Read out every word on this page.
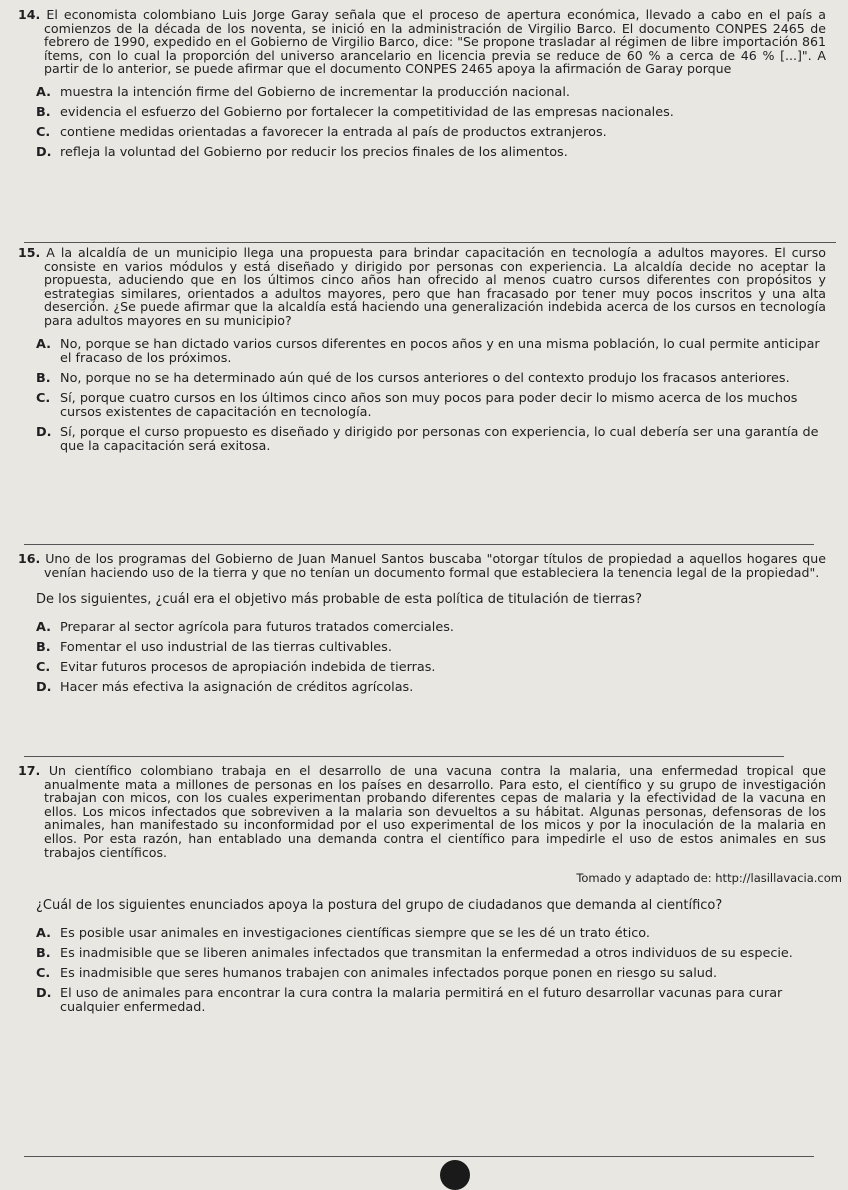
14. El economista colombiano Luis Jorge Garay señala que el proceso de apertura económica, llevado a cabo en el país a comienzos de la década de los noventa, se inició en la administración de Virgilio Barco. El documento CONPES 2465 de febrero de 1990, expedido en el Gobierno de Virgilio Barco, dice: "Se propone trasladar al régimen de libre importación 861 ítems, con lo cual la proporción del universo arancelario en licencia previa se reduce de 60 % a cerca de 46 % [...]". A partir de lo anterior, se puede afirmar que el documento CONPES 2465 apoya la afirmación de Garay porque

A. muestra la intención firme del Gobierno de incrementar la producción nacional.
B. evidencia el esfuerzo del Gobierno por fortalecer la competitividad de las empresas nacionales.
C. contiene medidas orientadas a favorecer la entrada al país de productos extranjeros.
D. refleja la voluntad del Gobierno por reducir los precios finales de los alimentos.

15. A la alcaldía de un municipio llega una propuesta para brindar capacitación en tecnología a adultos mayores. El curso consiste en varios módulos y está diseñado y dirigido por personas con experiencia. La alcaldía decide no aceptar la propuesta, aduciendo que en los últimos cinco años han ofrecido al menos cuatro cursos diferentes con propósitos y estrategias similares, orientados a adultos mayores, pero que han fracasado por tener muy pocos inscritos y una alta deserción. ¿Se puede afirmar que la alcaldía está haciendo una generalización indebida acerca de los cursos en tecnología para adultos mayores en su municipio?

A. No, porque se han dictado varios cursos diferentes en pocos años y en una misma población, lo cual permite anticipar el fracaso de los próximos.
B. No, porque no se ha determinado aún qué de los cursos anteriores o del contexto produjo los fracasos anteriores.
C. Sí, porque cuatro cursos en los últimos cinco años son muy pocos para poder decir lo mismo acerca de los muchos cursos existentes de capacitación en tecnología.
D. Sí, porque el curso propuesto es diseñado y dirigido por personas con experiencia, lo cual debería ser una garantía de que la capacitación será exitosa.

16. Uno de los programas del Gobierno de Juan Manuel Santos buscaba "otorgar títulos de propiedad a aquellos hogares que venían haciendo uso de la tierra y que no tenían un documento formal que estableciera la tenencia legal de la propiedad".

De los siguientes, ¿cuál era el objetivo más probable de esta política de titulación de tierras?

A. Preparar al sector agrícola para futuros tratados comerciales.
B. Fomentar el uso industrial de las tierras cultivables.
C. Evitar futuros procesos de apropiación indebida de tierras.
D. Hacer más efectiva la asignación de créditos agrícolas.

17. Un científico colombiano trabaja en el desarrollo de una vacuna contra la malaria, una enfermedad tropical que anualmente mata a millones de personas en los países en desarrollo. Para esto, el científico y su grupo de investigación trabajan con micos, con los cuales experimentan probando diferentes cepas de malaria y la efectividad de la vacuna en ellos. Los micos infectados que sobreviven a la malaria son devueltos a su hábitat. Algunas personas, defensoras de los animales, han manifestado su inconformidad por el uso experimental de los micos y por la inoculación de la malaria en ellos. Por esta razón, han entablado una demanda contra el científico para impedirle el uso de estos animales en sus trabajos científicos.

Tomado y adaptado de: http://lasillavacia.com

¿Cuál de los siguientes enunciados apoya la postura del grupo de ciudadanos que demanda al científico?

A. Es posible usar animales en investigaciones científicas siempre que se les dé un trato ético.
B. Es inadmisible que se liberen animales infectados que transmitan la enfermedad a otros individuos de su especie.
C. Es inadmisible que seres humanos trabajen con animales infectados porque ponen en riesgo su salud.
D. El uso de animales para encontrar la cura contra la malaria permitirá en el futuro desarrollar vacunas para curar cualquier enfermedad.
